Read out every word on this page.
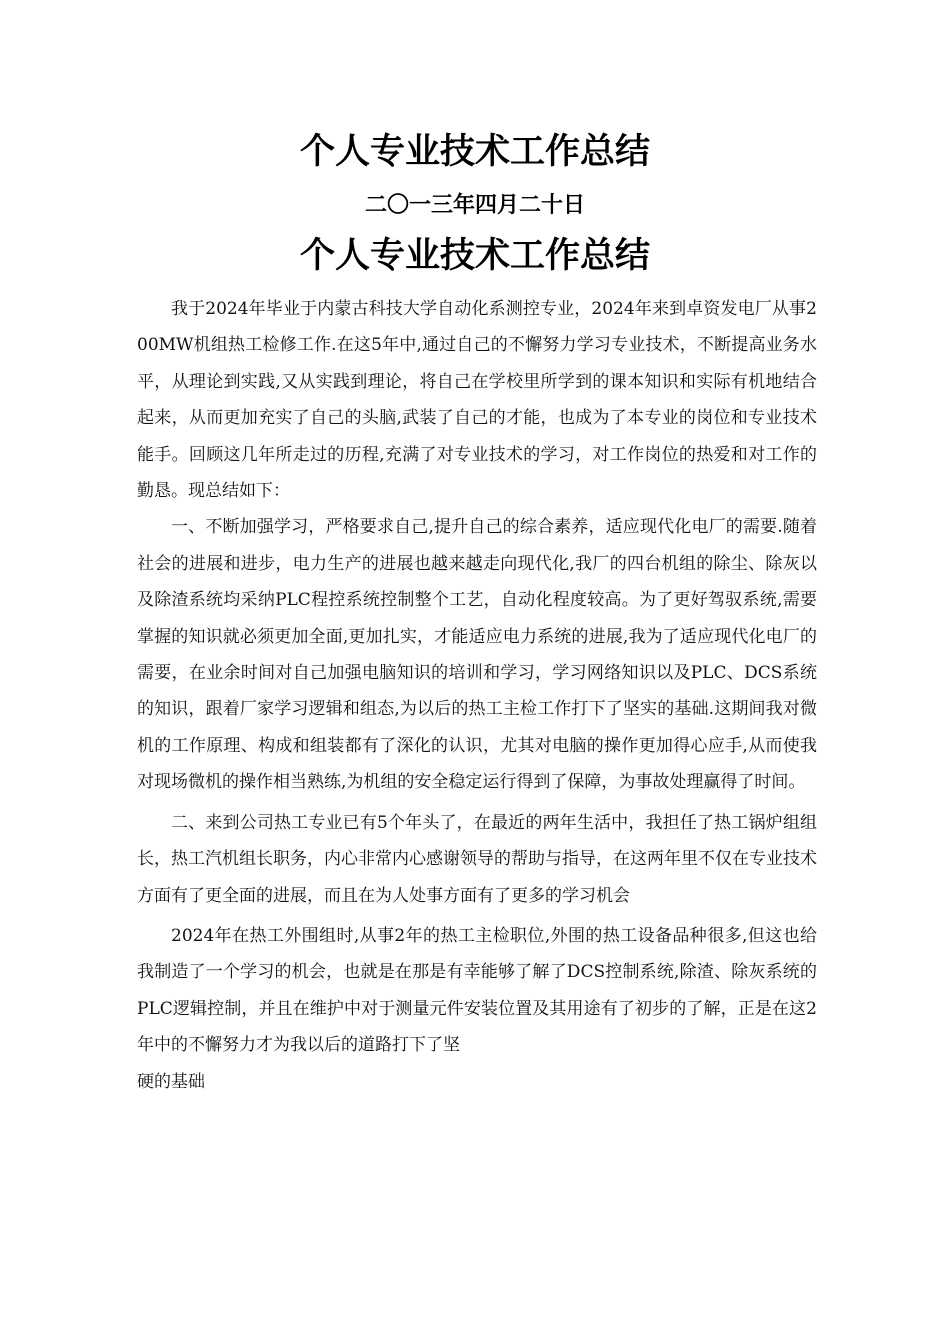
个人专业技术工作总结
二〇一三年四月二十日
个人专业技术工作总结

我于2024年毕业于内蒙古科技大学自动化系测控专业，2024年来到卓资发电厂从事200MW机组热工检修工作.在这5年中,通过自己的不懈努力学习专业技术，不断提高业务水平，从理论到实践,又从实践到理论，将自己在学校里所学到的课本知识和实际有机地结合起来，从而更加充实了自己的头脑,武装了自己的才能，也成为了本专业的岗位和专业技术能手。回顾这几年所走过的历程,充满了对专业技术的学习，对工作岗位的热爱和对工作的勤恳。现总结如下：

一、不断加强学习，严格要求自己,提升自己的综合素养，适应现代化电厂的需要.随着社会的进展和进步，电力生产的进展也越来越走向现代化,我厂的四台机组的除尘、除灰以及除渣系统均采纳PLC程控系统控制整个工艺，自动化程度较高。为了更好驾驭系统,需要掌握的知识就必须更加全面,更加扎实，才能适应电力系统的进展,我为了适应现代化电厂的需要，在业余时间对自己加强电脑知识的培训和学习，学习网络知识以及PLC、DCS系统的知识，跟着厂家学习逻辑和组态,为以后的热工主检工作打下了坚实的基础.这期间我对微机的工作原理、构成和组装都有了深化的认识，尤其对电脑的操作更加得心应手,从而使我对现场微机的操作相当熟练,为机组的安全稳定运行得到了保障，为事故处理赢得了时间。

二、来到公司热工专业已有5个年头了，在最近的两年生活中，我担任了热工锅炉组组长，热工汽机组长职务，内心非常内心感谢领导的帮助与指导，在这两年里不仅在专业技术方面有了更全面的进展，而且在为人处事方面有了更多的学习机会

2024年在热工外围组时,从事2年的热工主检职位,外围的热工设备品种很多,但这也给我制造了一个学习的机会，也就是在那是有幸能够了解了DCS控制系统,除渣、除灰系统的PLC逻辑控制，并且在维护中对于测量元件安装位置及其用途有了初步的了解，正是在这2年中的不懈努力才为我以后的道路打下了坚

硬的基础
